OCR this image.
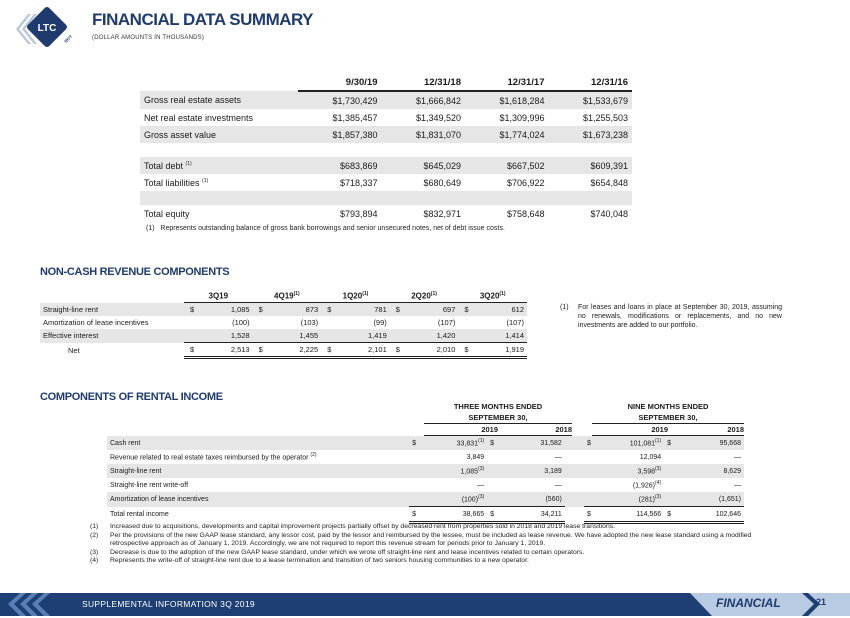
LTC
REIT
FINANCIAL DATA SUMMARY
(DOLLAR AMOUNTS IN THOUSANDS)
	9/30/19	12/31/18	12/31/17	12/31/16
Gross real estate assets	$1,730,429	$1,666,842	$1,618,284	$1,533,679
Net real estate investments	$1,385,457	$1,349,520	$1,309,996	$1,255,503
Gross asset value	$1,857,380	$1,831,070	$1,774,024	$1,673,238

Total debt $^{(1)}$	$683,869	$645,029	$667,502	$609,391
Total liabilities $^{(1)}$	$718,337	$680,649	$706,922	$654,848

Total equity	$793,894	$832,971	$758,648	$740,048
(1) Represents outstanding balance of gross bank borrowings and senior unsecured notes, net of debt issue costs.
NON-CASH REVENUE COMPONENTS
	3Q19		4Q19$^{(1)}$		1Q20$^{(1)}$		2Q20$^{(1)}$		3Q20$^{(1)}$
Straight-line rent	$	1,085	$	873	$	781	$	697	$	612
Amortization of lease incentives		(100)		(103)		(99)		(107)		(107)
Effective interest		1,528		1,455		1,419		1,420		1,414
Net	$	2,513	$	2,225	$	2,101	$	2,010	$	1,919
(1)	For leases and loans in place at September 30, 2019, assuming no renewals, modifications or replacements, and no new investments are added to our portfolio.
COMPONENTS OF RENTAL INCOME
THREE MONTHS ENDED
SEPTEMBER 30,
NINE MONTHS ENDED
SEPTEMBER 30,
2019	2018	2019	2018
Cash rent	$	33,831$^{(1)}$	$	31,582		$	101,081$^{(1)}$	$	95,668
Revenue related to real estate taxes reimbursed by the operator $^{(2)}$		3,849		—			12,094		—
Straight-line rent		1,085$^{(3)}$		3,189			3,598$^{(3)}$		8,629
Straight-line rent write-off		—		—			$(1,926)^{(4)}$		—
Amortization of lease incentives		$(100)^{(3)}$		(560)			$(281)^{(3)}$		(1,651)
Total rental income	$	38,665	$	34,211		$	114,566	$	102,646
(1)	Increased due to acquisitions, developments and capital improvement projects partially offset by decreased rent from properties sold in 2018 and 2019 lease transitions.
(2)	Per the provisions of the new GAAP lease standard, any lessor cost, paid by the lessor and reimbursed by the lessee, must be included as lease revenue. We have adopted the new lease standard using a modified retrospective approach as of January 1, 2019. Accordingly, we are not required to report this revenue stream for periods prior to January 1, 2019.
(3)	Decrease is due to the adoption of the new GAAP lease standard, under which we wrote off straight-line rent and lease incentives related to certain operators.
(4)	Represents the write-off of straight-line rent due to a lease termination and transition of two seniors housing communities to a new operator.
SUPPLEMENTAL INFORMATION 3Q 2019	FINANCIAL	21
